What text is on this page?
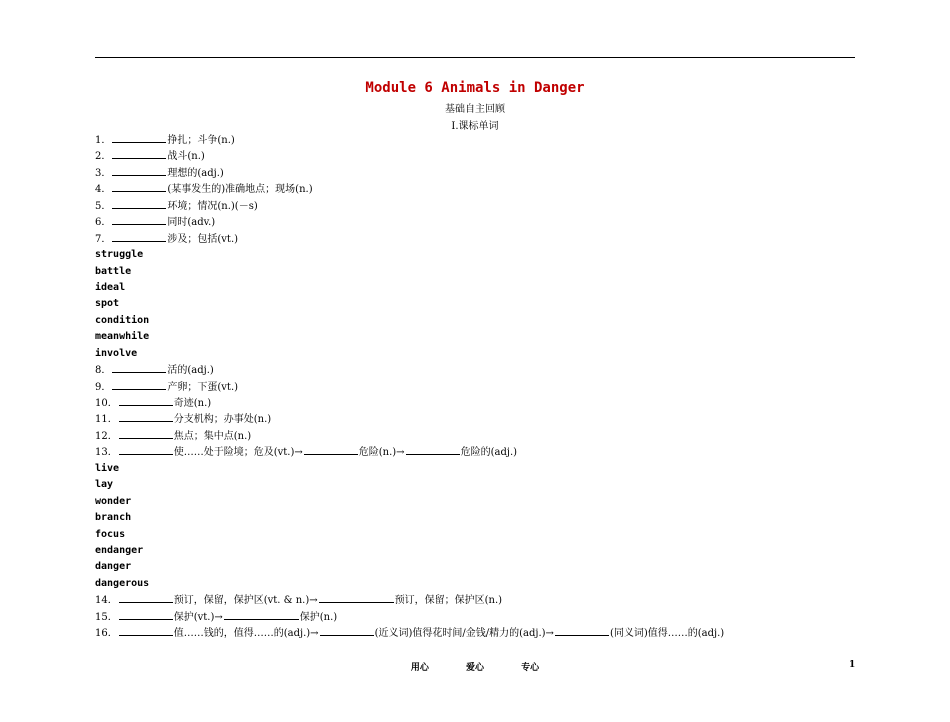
Module 6 Animals in Danger
基础自主回顾
Ⅰ.课标单词
1．	挣扎；斗争(n.)
2．	战斗(n.)
3．	理想的(adj.)
4．	(某事发生的)准确地点；现场(n.)
5．	环境；情况(n.)(－s)
6．	同时(adv.)
7．	涉及；包括(vt.)
struggle
battle
ideal
spot
condition
meanwhile
involve
8．	活的(adj.)
9．	产卵；下蛋(vt.)
10．	奇迹(n.)
11．	分支机构；办事处(n.)
12．	焦点；集中点(n.)
13．	使……处于险境；危及(vt.)→	危险(n.)→	危险的(adj.)
live
lay
wonder
branch
focus
endanger
danger
dangerous
14．	预订，保留，保护区(vt. & n.)→	预订，保留；保护区(n.)
15．	保护(vt.)→	保护(n.)
16．	值……钱的，值得……的(adj.)→	(近义词)值得花时间/金钱/精力的(adj.)→	(同义词)值得……的(adj.)
用心	爱心	专心	1
